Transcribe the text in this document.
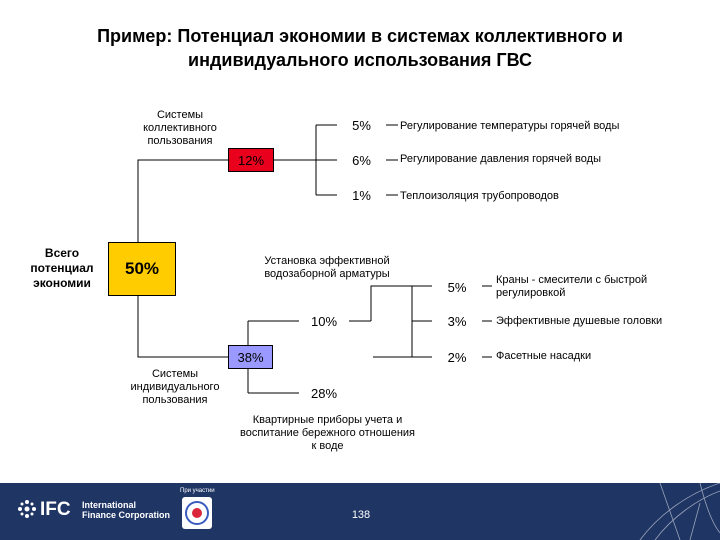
Пример: Потенциал экономии в системах коллективного и индивидуального использования ГВС
Всего потенциал экономии
50%
Системы коллективного пользования
12%
5%	Регулирование температуры горячей воды
6%	Регулирование давления горячей воды
1%	Теплоизоляция трубопроводов
Системы индивидуального пользования
38%
Установка эффективной водозаборной арматуры
10%
5%	Краны - смесители с быстрой регулировкой
3%	Эффективные душевые головки
2%	Фасетные насадки
28%
Квартирные приборы учета и воспитание бережного отношения к воде
IFC International
Finance Corporation
При участии
138
